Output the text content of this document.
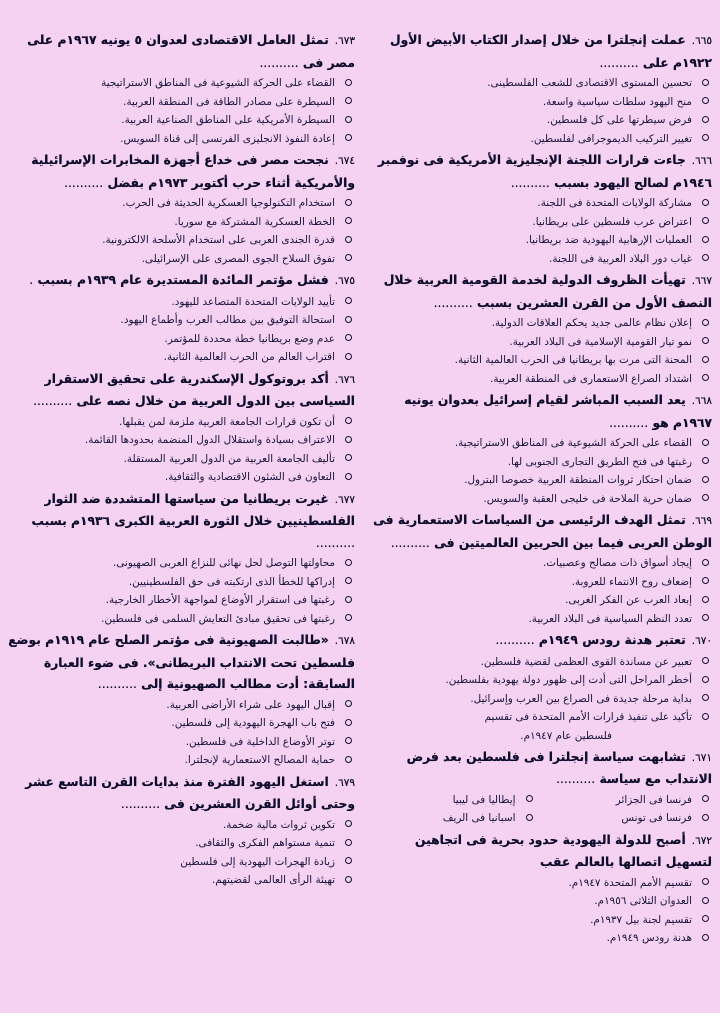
٦٦٥.عملت إنجلترا من خلال إصدار الكتاب الأبيض الأول ١٩٢٢م على ..........
تحسين المستوى الاقتصادى للشعب الفلسطينى.
منح اليهود سلطات سياسية واسعة.
فرض سيطرتها على كل فلسطين.
تغيير التركيب الديموجرافى لفلسطين.
٦٦٦.جاءت قرارات اللجنة الإنجليزية الأمريكية فى نوفمبر ١٩٤٦م لصالح اليهود بسبب ..........
مشاركة الولايات المتحدة فى اللجنة.
اعتراض عرب فلسطين على بريطانيا.
العمليات الإرهابية اليهودية ضد بريطانيا.
غياب دور البلاد العربية فى اللجنة.
٦٦٧.تهيأت الظروف الدولية لخدمة القومية العربية خلال النصف الأول من القرن العشرين بسبب ..........
إعلان نظام عالمى جديد يحكم العلاقات الدولية.
نمو تيار القومية الإسلامية فى البلاد العربية.
المحنة التى مرت بها بريطانيا فى الحرب العالمية الثانية.
اشتداد الصراع الاستعمارى فى المنطقة العربية.
٦٦٨.يعد السبب المباشر لقيام إسرائيل بعدوان يونيه ١٩٦٧م هو ..........
القضاء على الحركة الشيوعية فى المناطق الاستراتيجية.
رغبتها فى فتح الطريق التجارى الجنوبى لها.
ضمان احتكار ثروات المنطقة العربية خصوصا البترول.
ضمان حرية الملاحة فى خليجى العقبة والسويس.
٦٦٩.تمثل الهدف الرئيسى من السياسات الاستعمارية فى الوطن العربى فيما بين الحربين العالميتين فى ..........
إيجاد أسواق ذات مصالح وعصبيات.
إضعاف روح الانتماء للعروبة.
إبعاد العرب عن الفكر الغربى.
تعدد النظم السياسية فى البلاد العربية.
٦٧٠.تعتبر هدنة رودس ١٩٤٩م ..........
تعبير عن مساندة القوى العظمى لقضية فلسطين.
أخطر المراحل التى أدت إلى ظهور دولة يهودية بفلسطين.
بداية مرحلة جديدة فى الصراع بين العرب وإسرائيل.
تأكيد على تنفيذ قرارات الأمم المتحدة فى تقسيم
فلسطين عام ١٩٤٧م.
٦٧١.تشابهت سياسة إنجلترا فى فلسطين بعد فرض الانتداب مع سياسة ..........
فرنسا فى الجزائر
إيطاليا فى ليبيا
فرنسا فى تونس
اسبانيا فى الريف
٦٧٢.أصبح للدولة اليهودية حدود بحرية فى اتجاهين لتسهيل اتصالها بالعالم عقب
تقسيم الأمم المتحدة ١٩٤٧م.
العدوان الثلاثى ١٩٥٦م.
تقسيم لجنة بيل ١٩٣٧م.
هدنة رودس ١٩٤٩م.
٦٧٣.تمثل العامل الاقتصادى لعدوان ٥ يونيه ١٩٦٧م على مصر فى ..........
القضاء على الحركة الشيوعية فى المناطق الاستراتيجية
السيطرة على مصادر الطاقة فى المنطقة العربية.
السيطرة الأمريكية على المناطق الصناعية العربية.
إعادة النفوذ الانجليزى الفرنسى إلى قناة السويس.
٦٧٤.نجحت مصر فى خداع أجهزة المخابرات الإسرائيلية والأمريكية أثناء حرب أكتوبر ١٩٧٣م بفضل ..........
استخدام التكنولوجيا العسكرية الحديثة فى الحرب.
الخطة العسكرية المشتركة مع سوريا.
قدرة الجندى العربى على استخدام الأسلحة الالكترونية.
تفوق السلاح الجوى المصرى على الإسرائيلى.
٦٧٥.فشل مؤتمر المائدة المستديرة عام ١٩٣٩م بسبب .
تأييد الولايات المتحدة المتصاعد لليهود.
استحالة التوفيق بين مطالب العرب وأطماع اليهود.
عدم وضع بريطانيا خطة محددة للمؤتمر.
اقتراب العالم من الحرب العالمية الثانية.
٦٧٦.أكد بروتوكول الإسكندرية على تحقيق الاستقرار السياسى بين الدول العربية من خلال نصه على ..........
أن تكون قرارات الجامعة العربية ملزمة لمن يقبلها.
الاعتراف بسيادة واستقلال الدول المنضمة بحدودها القائمة.
تأليف الجامعة العربية من الدول العربية المستقلة.
التعاون فى الشئون الاقتصادية والثقافية.
٦٧٧.غيرت بريطانيا من سياستها المتشددة ضد الثوار الفلسطينيين خلال الثورة العربية الكبرى ١٩٣٦م بسبب ..........
محاولتها التوصل لحل نهائى للنزاع العربى الصهيونى.
إدراكها للخطأ الذى ارتكبته فى حق الفلسطينيين.
رغبتها فى استقرار الأوضاع لمواجهة الأخطار الخارجية.
رغبتها فى تحقيق مبادئ التعايش السلمى فى فلسطين.
٦٧٨.«طالبت الصهيونية فى مؤتمر الصلح عام ١٩١٩م بوضع فلسطين تحت الانتداب البريطانى». فى ضوء العبارة السابقة: أدت مطالب الصهيونية إلى ..........
إقبال اليهود على شراء الأراضى العربية.
فتح باب الهجرة اليهودية إلى فلسطين.
توتر الأوضاع الداخلية فى فلسطين.
حماية المصالح الاستعمارية لإنجلترا.
٦٧٩.استغل اليهود الفترة منذ بدايات القرن التاسع عشر وحتى أوائل القرن العشرين فى ..........
تكوين ثروات مالية ضخمة.
تنمية مستواهم الفكرى والثقافى.
زيادة الهجرات اليهودية إلى فلسطين
تهيئة الرأى العالمى لقضيتهم.
